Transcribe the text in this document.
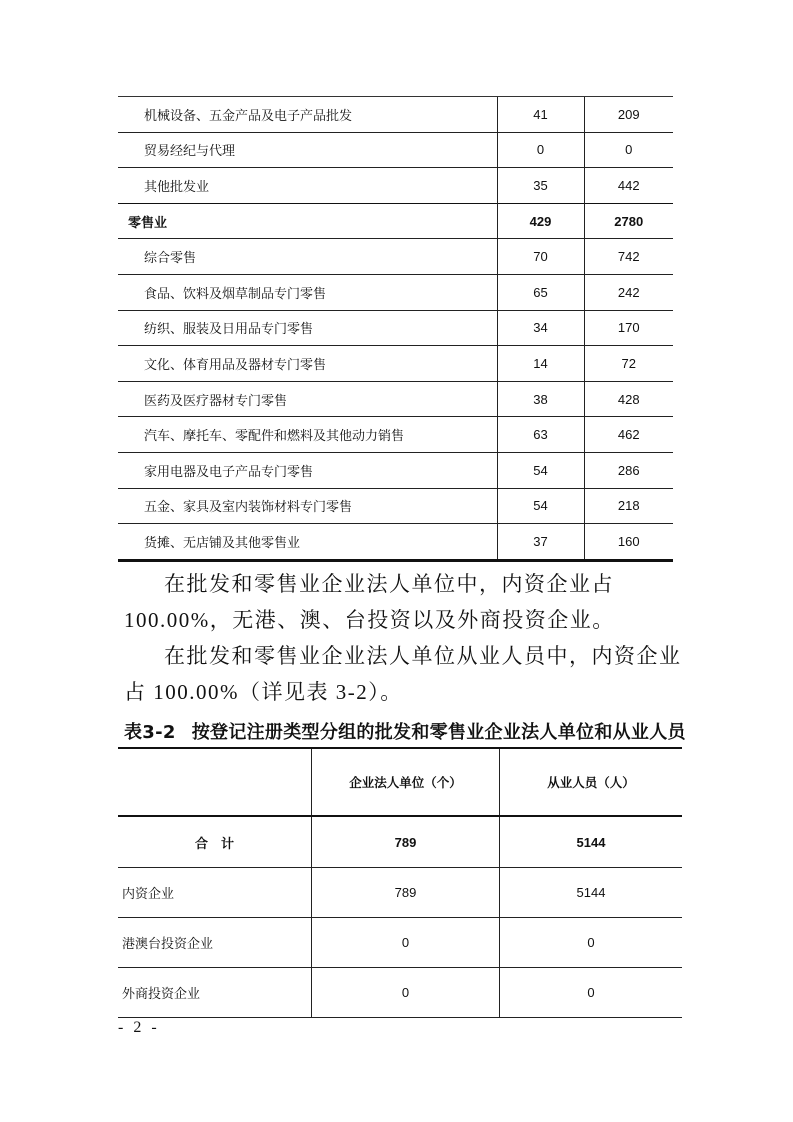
机械设备、五金产品及电子产品批发	41	209
贸易经纪与代理	0	0
其他批发业	35	442
零售业	429	2780
综合零售	70	742
食品、饮料及烟草制品专门零售	65	242
纺织、服装及日用品专门零售	34	170
文化、体育用品及器材专门零售	14	72
医药及医疗器材专门零售	38	428
汽车、摩托车、零配件和燃料及其他动力销售	63	462
家用电器及电子产品专门零售	54	286
五金、家具及室内装饰材料专门零售	54	218
货摊、无店铺及其他零售业	37	160
在批发和零售业企业法人单位中，内资企业占 100.00%，无港、澳、台投资以及外商投资企业。
在批发和零售业企业法人单位从业人员中，内资企业占 100.00%（详见表 3-2）。
表3-2 按登记注册类型分组的批发和零售业企业法人单位和从业人员
	企业法人单位（个）	从业人员（人）
合　计	789	5144
内资企业	789	5144
港澳台投资企业	0	0
外商投资企业	0	0
- 2 -
